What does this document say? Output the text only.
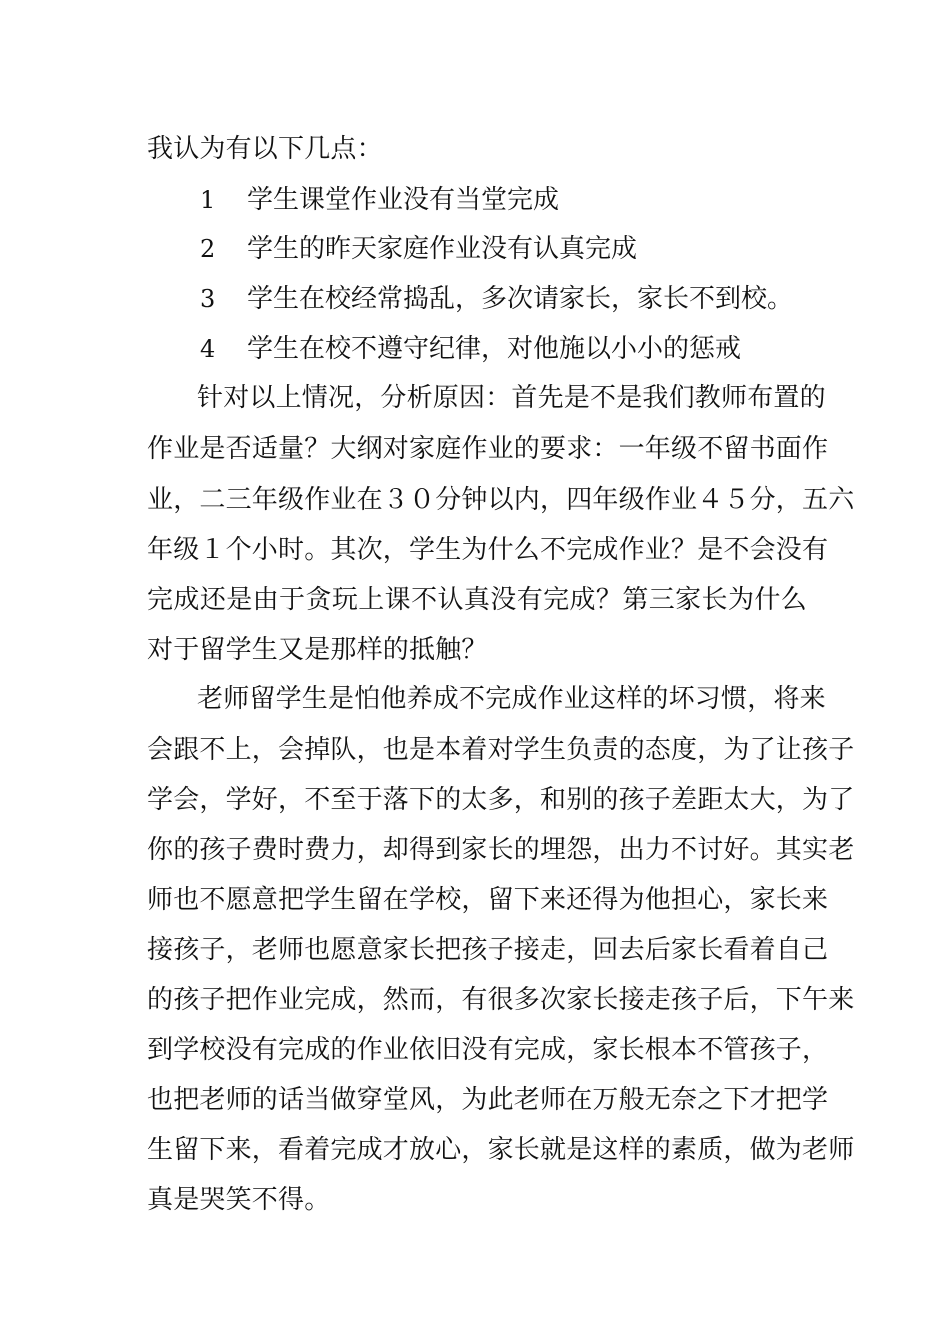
我认为有以下几点：
1 学生课堂作业没有当堂完成
2 学生的昨天家庭作业没有认真完成
3 学生在校经常捣乱，多次请家长，家长不到校。
4 学生在校不遵守纪律，对他施以小小的惩戒
针对以上情况，分析原因：首先是不是我们教师布置的
作业是否适量？大纲对家庭作业的要求：一年级不留书面作
业，二三年级作业在３０分钟以内，四年级作业４５分，五六
年级１个小时。其次，学生为什么不完成作业？是不会没有
完成还是由于贪玩上课不认真没有完成？第三家长为什么
对于留学生又是那样的抵触？
老师留学生是怕他养成不完成作业这样的坏习惯，将来
会跟不上，会掉队，也是本着对学生负责的态度，为了让孩子
学会，学好，不至于落下的太多，和别的孩子差距太大，为了
你的孩子费时费力，却得到家长的埋怨，出力不讨好。其实老
师也不愿意把学生留在学校，留下来还得为他担心，家长来
接孩子，老师也愿意家长把孩子接走，回去后家长看着自己
的孩子把作业完成，然而，有很多次家长接走孩子后，下午来
到学校没有完成的作业依旧没有完成，家长根本不管孩子，
也把老师的话当做穿堂风，为此老师在万般无奈之下才把学
生留下来，看着完成才放心，家长就是这样的素质，做为老师
真是哭笑不得。
